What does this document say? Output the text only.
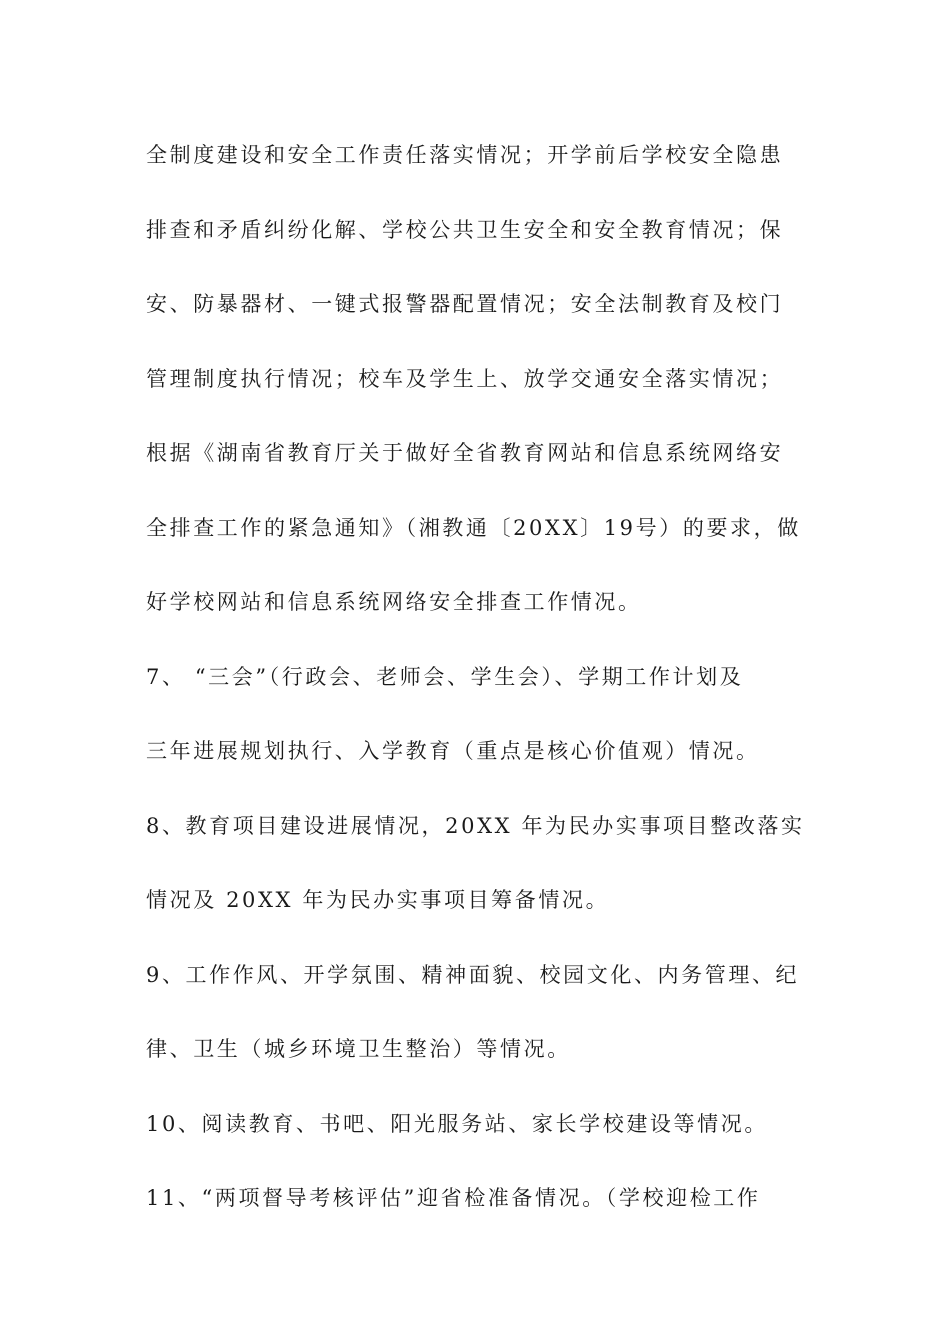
全制度建设和安全工作责任落实情况；开学前后学校安全隐患
排查和矛盾纠纷化解、学校公共卫生安全和安全教育情况；保
安、防暴器材、一键式报警器配置情况；安全法制教育及校门
管理制度执行情况；校车及学生上、放学交通安全落实情况；
根据《湖南省教育厅关于做好全省教育网站和信息系统网络安
全排查工作的紧急通知》（湘教通〔20XX〕19号）的要求，做
好学校网站和信息系统网络安全排查工作情况。
7、 “三会”（行政会、老师会、学生会）、学期工作计划及
三年进展规划执行、入学教育（重点是核心价值观）情况。
8、教育项目建设进展情况，20XX 年为民办实事项目整改落实
情况及 20XX 年为民办实事项目筹备情况。
9、工作作风、开学氛围、精神面貌、校园文化、内务管理、纪
律、卫生（城乡环境卫生整治）等情况。
10、阅读教育、书吧、阳光服务站、家长学校建设等情况。
11、“两项督导考核评估”迎省检准备情况。（学校迎检工作
